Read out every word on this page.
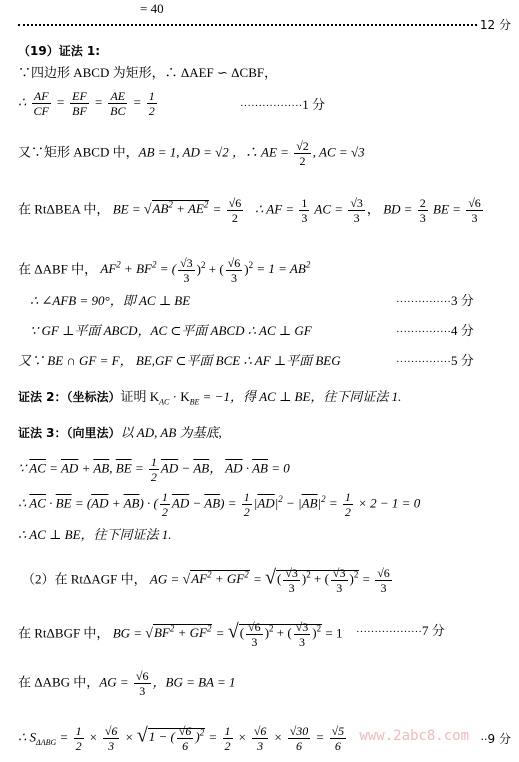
= 40
12 分
（19）证法 1:
∵四边形 ABCD 为矩形，∴ ΔAEF ∽ ΔCBF，
∴ $\frac{AF}{CF} = \frac{EF}{BF} = \frac{AE}{BC} = \frac{1}{2}$	·················1 分
又∵矩形 ABCD 中，AB = 1, AD = √2 ，∴ AE = $\frac{√2}{2}$ , AC = √3
在 RtΔBEA 中， BE = $√AB^2 + AE^2 = \frac{√6}{2}$ ∴ AF = $\frac{1}{3}$ AC = $\frac{√3}{3}$ ， BD = $\frac{2}{3}$ BE = $\frac{√6}{3}$
在 ΔABF 中， $AF^2 + BF^2$ = ( $\frac{√3}{3} )^2$ + ( $\frac{√6}{3} )^2 = 1 = AB^2$
∴ ∠AFB = 90°，即 AC ⊥ BE	···············3 分
∵ GF ⊥平面 ABCD，AC ⊂平面 ABCD ∴ AC ⊥ GF	···············4 分
又∵ BE ∩ GF = F， BE,GF ⊂平面 BCE ∴ AF ⊥平面 BEG	···············5 分
证法 2：（坐标法）证明 $K_{AC} \cdot K_{BE} = -1$，得 AC ⊥ BE，往下同证法 1.
证法 3：（向里法）以 AD, AB 为基底,
∵ $\overline{AC} = \overline{AD} + \overline{AB}$, $\overline{BE} = \frac{1}{2} \overline{AD} - \overline{AB}$， $\overline{AD} \cdot \overline{AB} = 0$
∴ $\overline{AC} \cdot \overline{BE} = (\overline{AD} + \overline{AB})$ · ( $\frac{1}{2} \overline{AD} - \overline{AB}) = \frac{1}{2} |\overline{AD}|^2 - |\overline{AB}|^2 = \frac{1}{2} \times 2 - 1 = 0$
∴ AC ⊥ BE，往下同证法 1.
（2）在 RtΔAGF 中， AG = $√AF^2 + GF^2$ = √( $\frac{√3}{3} )^2$ + ( $\frac{√3}{3} )^2 = \frac{√6}{3}$
在 RtΔBGF 中， BG = $√BF^2 + GF^2$ = √( $\frac{√6}{3} )^2$ + ( $\frac{√3}{3} )^2 = 1 \cdot\cdot\cdot\cdot\cdot\cdot\cdot\cdot\cdot\cdot\cdot\cdot\cdot\cdot\cdot\cdot\cdot\cdot 7$ 分
在 ΔABG 中，AG = $\frac{√6}{3}$ ，BG = BA = 1
∴ $S_{\Delta ABG} = \frac{1}{2} \times \frac{√6}{3} \times √1$ − ( $\frac{√6}{6} )^2 = \frac{1}{2} \times \frac{√6}{3} \times \frac{√30}{6} = \frac{√5}{6} www.2abc8.com \cdot\cdot 9$ 分
